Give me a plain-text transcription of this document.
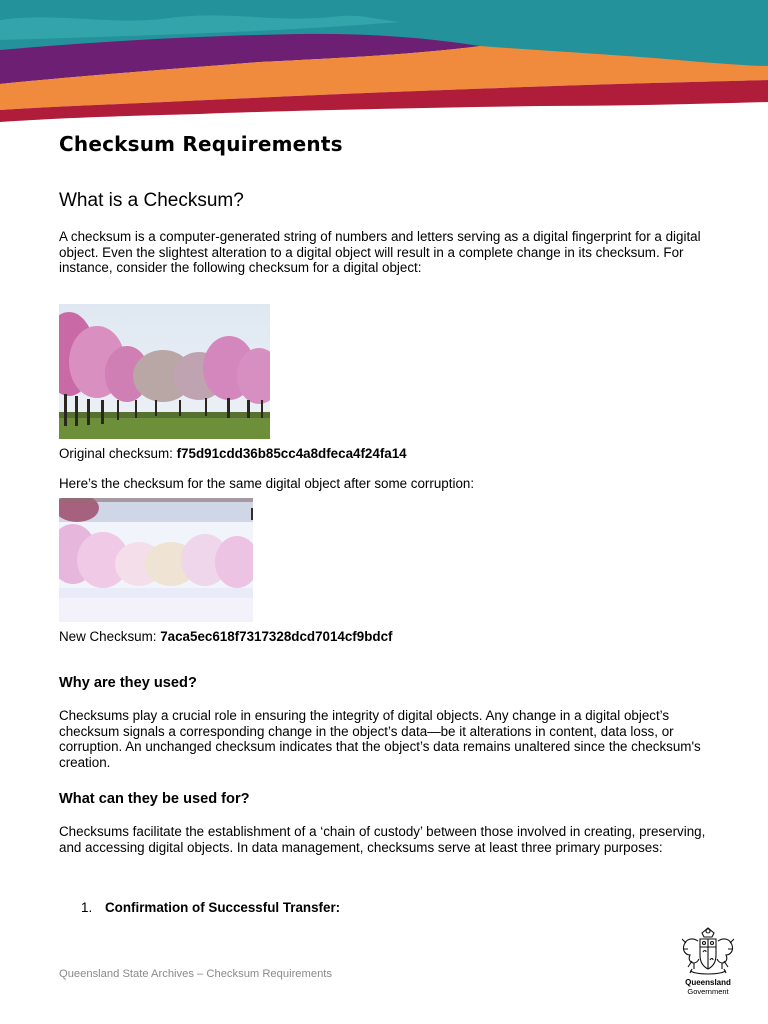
Checksum Requirements
What is a Checksum?
A checksum is a computer-generated string of numbers and letters serving as a digital fingerprint for a digital object. Even the slightest alteration to a digital object will result in a complete change in its checksum. For instance, consider the following checksum for a digital object:
Original checksum: f75d91cdd36b85cc4a8dfeca4f24fa14
Here’s the checksum for the same digital object after some corruption:
New Checksum: 7aca5ec618f7317328dcd7014cf9bdcf
Why are they used?
Checksums play a crucial role in ensuring the integrity of digital objects. Any change in a digital object’s checksum signals a corresponding change in the object’s data—be it alterations in content, data loss, or corruption. An unchanged checksum indicates that the object’s data remains unaltered since the checksum's creation.
What can they be used for?
Checksums facilitate the establishment of a ‘chain of custody’ between those involved in creating, preserving, and accessing digital objects. In data management, checksums serve at least three primary purposes:
1. Confirmation of Successful Transfer:
Queensland State Archives – Checksum Requirements
Queensland
Government
